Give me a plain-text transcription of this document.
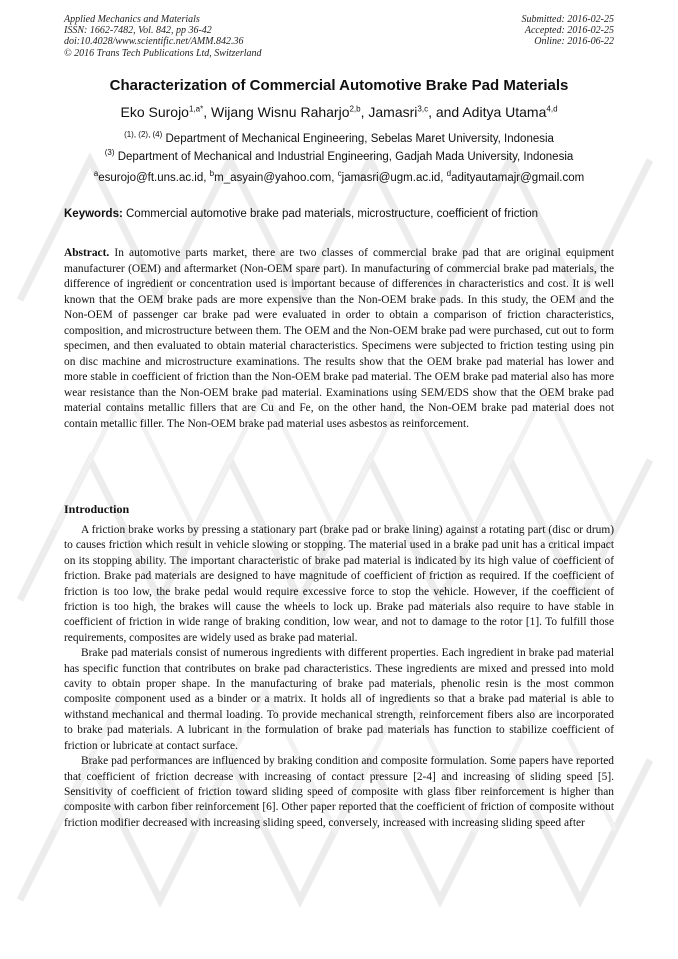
Applied Mechanics and Materials
ISSN: 1662-7482, Vol. 842, pp 36-42
doi:10.4028/www.scientific.net/AMM.842.36
© 2016 Trans Tech Publications Ltd, Switzerland
Submitted: 2016-02-25
Accepted: 2016-02-25
Online: 2016-06-22
Characterization of Commercial Automotive Brake Pad Materials
Eko Surojo$^{1,a*}$, Wijang Wisnu Raharjo$^{2,b}$, Jamasri$^{3,c}$, and Aditya Utama$^{4,d}$
$^{(1), (2), (4)}$ Department of Mechanical Engineering, Sebelas Maret University, Indonesia
$^{(3)}$ Department of Mechanical and Industrial Engineering, Gadjah Mada University, Indonesia
$^a$esurojo@ft.uns.ac.id, $^b$m_asyain@yahoo.com, $^c$jamasri@ugm.ac.id, $^d$adityautamajr@gmail.com
Keywords: Commercial automotive brake pad materials, microstructure, coefficient of friction
Abstract. In automotive parts market, there are two classes of commercial brake pad that are original equipment manufacturer (OEM) and aftermarket (Non-OEM spare part). In manufacturing of commercial brake pad materials, the difference of ingredient or concentration used is important because of differences in characteristics and cost. It is well known that the OEM brake pads are more expensive than the Non-OEM brake pads. In this study, the OEM and the Non-OEM of passenger car brake pad were evaluated in order to obtain a comparison of friction characteristics, composition, and microstructure between them. The OEM and the Non-OEM brake pad were purchased, cut out to form specimen, and then evaluated to obtain material characteristics. Specimens were subjected to friction testing using pin on disc machine and microstructure examinations. The results show that the OEM brake pad material has lower and more stable in coefficient of friction than the Non-OEM brake pad material. The OEM brake pad material also has more wear resistance than the Non-OEM brake pad material. Examinations using SEM/EDS show that the OEM brake pad material contains metallic fillers that are Cu and Fe, on the other hand, the Non-OEM brake pad material does not contain metallic filler. The Non-OEM brake pad material uses asbestos as reinforcement.
Introduction

A friction brake works by pressing a stationary part (brake pad or brake lining) against a rotating part (disc or drum) to causes friction which result in vehicle slowing or stopping. The material used in a brake pad unit has a critical impact on its stopping ability. The important characteristic of brake pad material is indicated by its high value of coefficient of friction. Brake pad materials are designed to have magnitude of coefficient of friction as required. If the coefficient of friction is too low, the brake pedal would require excessive force to stop the vehicle. However, if the coefficient of friction is too high, the brakes will cause the wheels to lock up. Brake pad materials also require to have stable in coefficient of friction in wide range of braking condition, low wear, and not to damage to the rotor [1]. To fulfill those requirements, composites are widely used as brake pad material.

Brake pad materials consist of numerous ingredients with different properties. Each ingredient in brake pad material has specific function that contributes on brake pad characteristics. These ingredients are mixed and pressed into mold cavity to obtain proper shape. In the manufacturing of brake pad materials, phenolic resin is the most common composite component used as a binder or a matrix. It holds all of ingredients so that a brake pad material is able to withstand mechanical and thermal loading. To provide mechanical strength, reinforcement fibers also are incorporated to brake pad materials. A lubricant in the formulation of brake pad materials has function to stabilize coefficient of friction or lubricate at contact surface.

Brake pad performances are influenced by braking condition and composite formulation. Some papers have reported that coefficient of friction decrease with increasing of contact pressure [2-4] and increasing of sliding speed [5]. Sensitivity of coefficient of friction toward sliding speed of composite with glass fiber reinforcement is higher than composite with carbon fiber reinforcement [6]. Other paper reported that the coefficient of friction of composite without friction modifier decreased with increasing sliding speed, conversely, increased with increasing sliding speed after
